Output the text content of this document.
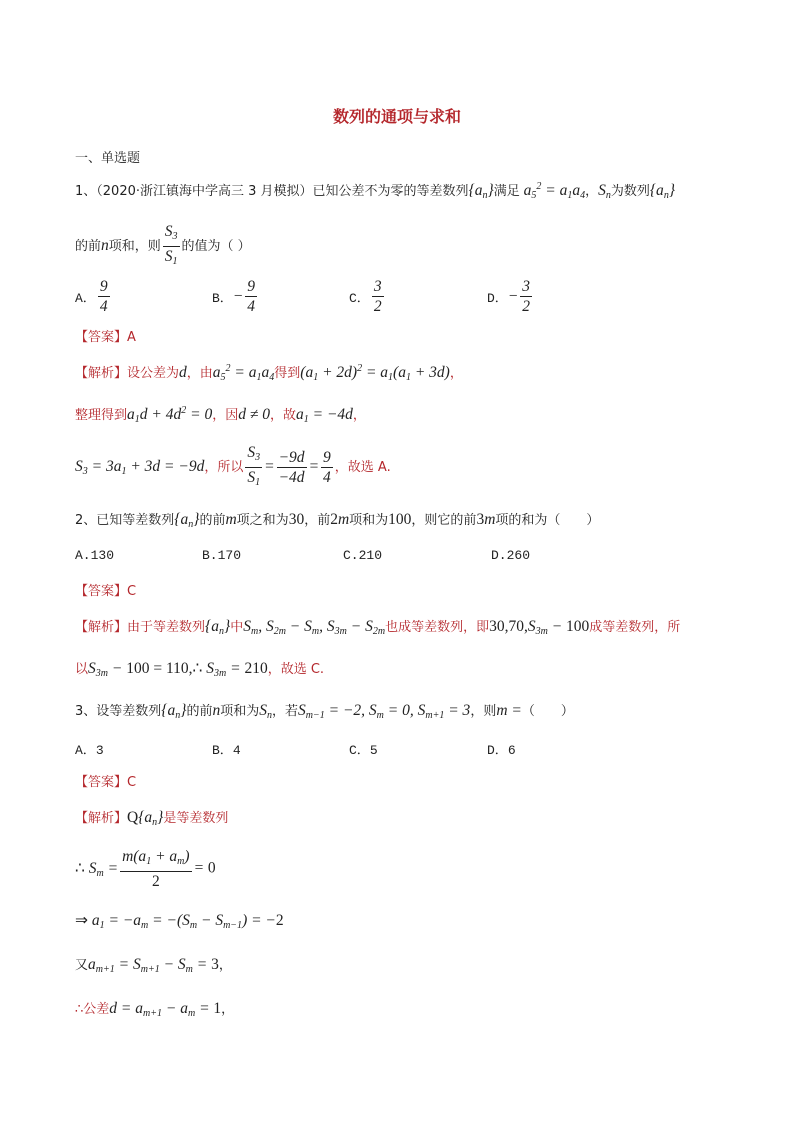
数列的通项与求和
一、单选题
1、（2020·浙江镇海中学高三 3 月模拟）已知公差不为零的等差数列$\{a_n\}$满足 $a_5^2 = a_1a_4$，$S_n$为数列$\{a_n\}$
的前n项和，则 $\frac{S_3}{S_1}$ 的值为（ ）
A． $\frac{9}{4}$	B．− $\frac{9}{4}$	C． $\frac{3}{2}$	D．− $\frac{3}{2}$
【答案】A
【解析】设公差为d，由$a_5^2 = a_1a_4$得到$(a_1 + 2d)^2 = a_1(a_1 + 3d)$，
整理得到$a_1d + 4d^2 = 0$，因d ≠ 0，故$a_1 = -4d$，
$S_3 = 3a_1 + 3d = -9d$，所以 $\frac{S_3}{S_1} = \frac{-9d}{-4d} = \frac{9}{4}$ ，故选 A.
2、已知等差数列$\{a_n\}$的前m项之和为30，前2m项和为100，则它的前3m项的和为（　　）
A.130	B.170	C.210	D.260
【答案】C
【解析】由于等差数列$\{a_n\}$中$S_m$, $S_{2m} - S_m$, $S_{3m} - S_{2m}$也成等差数列，即$30,70,S_{3m} - 100$成等差数列，所
以$S_{3m} - 100$ = 110,∴ $S_{3m} = 210$，故选 C.
3、设等差数列$\{a_n\}$的前n项和为$S_n$，若$S_{m-1} = -2$, $S_m = 0$, $S_{m+1} = 3$，则m =（　　）
A．3	B．4	C．5	D．6
【答案】C
【解析】$Q\{a_n\}$是等差数列
∴ $S_m = \frac{m(a_1 + a_m)}{2} = 0$
⇒ $a_1 = -a_m = -(S_m - S_{m-1}) = -2$
又$a_{m+1} = S_{m+1} - S_m = 3$，
∴公差$d = a_{m+1} - a_m = 1$，
